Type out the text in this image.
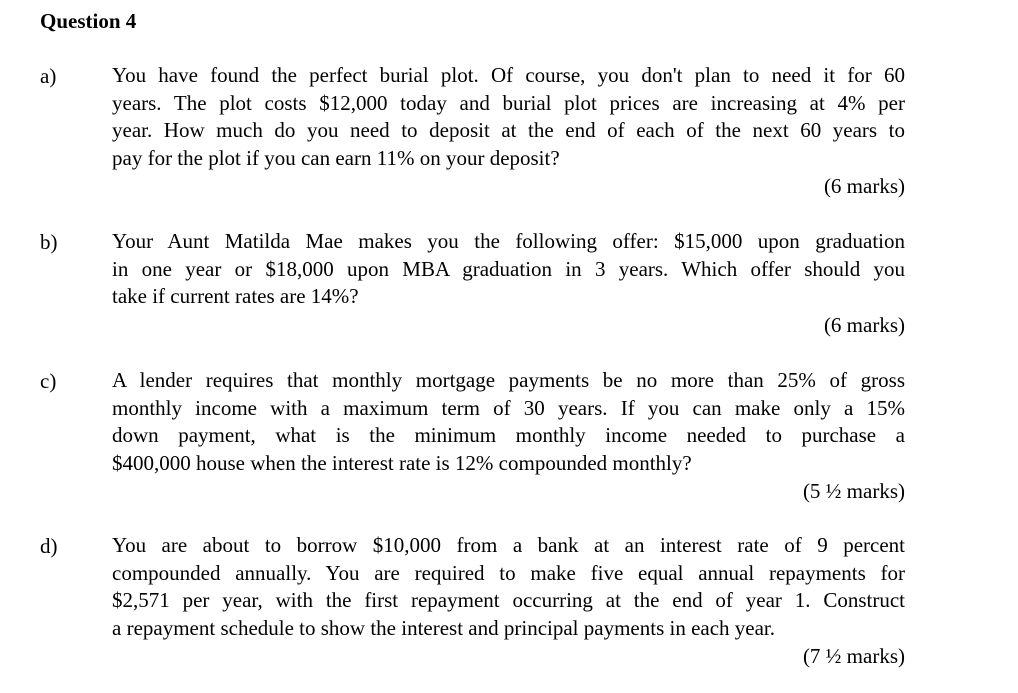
Question 4
a)	You have found the perfect burial plot. Of course, you don't plan to need it for 60
years. The plot costs $12,000 today and burial plot prices are increasing at 4% per
year. How much do you need to deposit at the end of each of the next 60 years to
pay for the plot if you can earn 11% on your deposit?
(6 marks)
b)	Your Aunt Matilda Mae makes you the following offer: $15,000 upon graduation
in one year or $18,000 upon MBA graduation in 3 years. Which offer should you
take if current rates are 14%?
(6 marks)
c)	A lender requires that monthly mortgage payments be no more than 25% of gross
monthly income with a maximum term of 30 years. If you can make only a 15%
down payment, what is the minimum monthly income needed to purchase a
$400,000 house when the interest rate is 12% compounded monthly?
(5 ½ marks)
d)	You are about to borrow $10,000 from a bank at an interest rate of 9 percent
compounded annually. You are required to make five equal annual repayments for
$2,571 per year, with the first repayment occurring at the end of year 1. Construct
a repayment schedule to show the interest and principal payments in each year.
(7 ½ marks)
